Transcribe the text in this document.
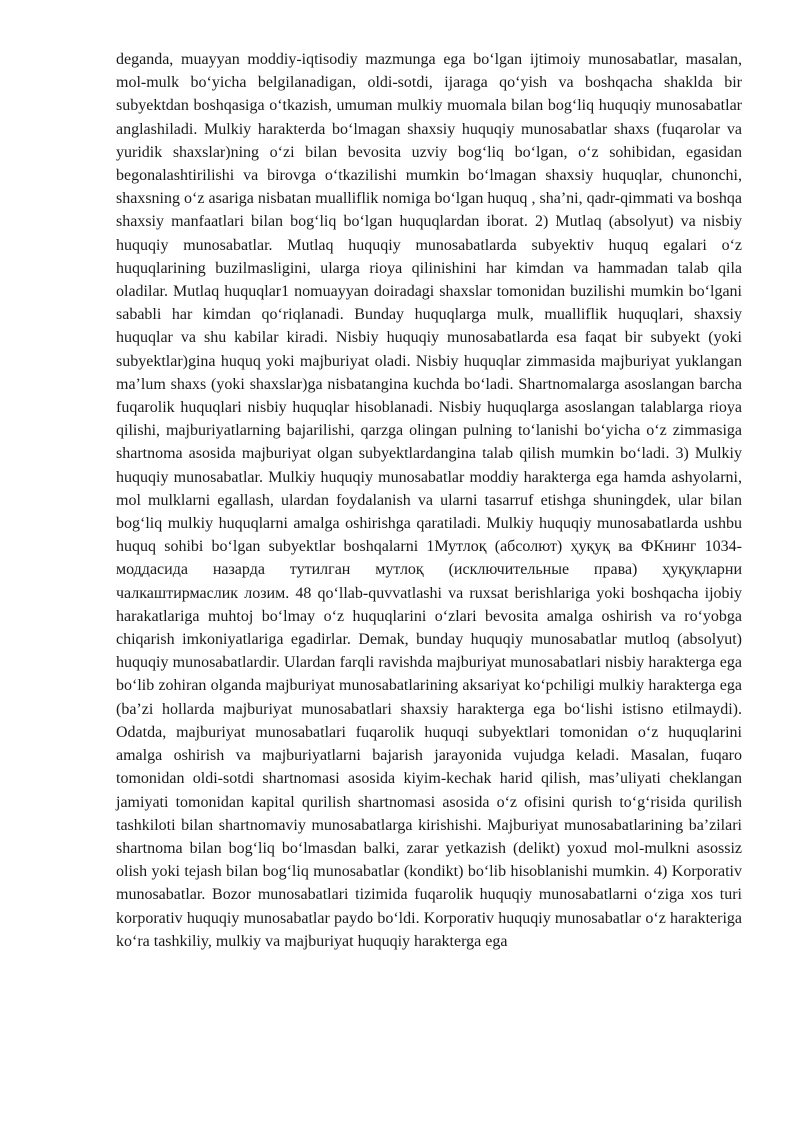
deganda, muayyan moddiy-iqtisodiy mazmunga ega bo‘lgan ijtimoiy munosabatlar, masalan, mol-mulk bo‘yicha belgilanadigan, oldi-sotdi, ijaraga qo‘yish va boshqacha shaklda bir subyektdan boshqasiga o‘tkazish, umuman mulkiy muomala bilan bog‘liq huquqiy munosabatlar anglashiladi. Mulkiy harakterda bo‘lmagan shaxsiy huquqiy munosabatlar shaxs (fuqarolar va yuridik shaxslar)ning o‘zi bilan bevosita uzviy bog‘liq bo‘lgan, o‘z sohibidan, egasidan begonalashtirilishi va birovga o‘tkazilishi mumkin bo‘lmagan shaxsiy huquqlar, chunonchi, shaxsning o‘z asariga nisbatan mualliflik nomiga bo‘lgan huquq , sha’ni, qadr-qimmati va boshqa shaxsiy manfaatlari bilan bog‘liq bo‘lgan huquqlardan iborat. 2) Mutlaq (absolyut) va nisbiy huquqiy munosabatlar. Mutlaq huquqiy munosabatlarda subyektiv huquq egalari o‘z huquqlarining buzilmasligini, ularga rioya qilinishini har kimdan va hammadan talab qila oladilar. Mutlaq huquqlar1 nomuayyan doiradagi shaxslar tomonidan buzilishi mumkin bo‘lgani sababli har kimdan qo‘riqlanadi. Bunday huquqlarga mulk, mualliflik huquqlari, shaxsiy huquqlar va shu kabilar kiradi. Nisbiy huquqiy munosabatlarda esa faqat bir subyekt (yoki subyektlar)gina huquq yoki majburiyat oladi. Nisbiy huquqlar zimmasida majburiyat yuklangan ma’lum shaxs (yoki shaxslar)ga nisbatangina kuchda bo‘ladi. Shartnomalarga asoslangan barcha fuqarolik huquqlari nisbiy huquqlar hisoblanadi. Nisbiy huquqlarga asoslangan talablarga rioya qilishi, majburiyatlarning bajarilishi, qarzga olingan pulning to‘lanishi bo‘yicha o‘z zimmasiga shartnoma asosida majburiyat olgan subyektlardangina talab qilish mumkin bo‘ladi. 3) Mulkiy huquqiy munosabatlar. Mulkiy huquqiy munosabatlar moddiy harakterga ega hamda ashyolarni, mol mulklarni egallash, ulardan foydalanish va ularni tasarruf etishga shuningdek, ular bilan bog‘liq mulkiy huquqlarni amalga oshirishga qaratiladi. Mulkiy huquqiy munosabatlarda ushbu huquq sohibi bo‘lgan subyektlar boshqalarni 1Мутлоқ (абсолют) ҳуқуқ ва ФКнинг 1034-моддасида назарда тутилган мутлоқ (исключительные права) ҳуқуқларни чалкаштирмаслик лозим. 48 qo‘llab-quvvatlashi va ruxsat berishlariga yoki boshqacha ijobiy harakatlariga muhtoj bo‘lmay o‘z huquqlarini o‘zlari bevosita amalga oshirish va ro‘yobga chiqarish imkoniyatlariga egadirlar. Demak, bunday huquqiy munosabatlar mutloq (absolyut) huquqiy munosabatlardir. Ulardan farqli ravishda majburiyat munosabatlari nisbiy harakterga ega bo‘lib zohiran olganda majburiyat munosabatlarining aksariyat ko‘pchiligi mulkiy harakterga ega (ba’zi hollarda majburiyat munosabatlari shaxsiy harakterga ega bo‘lishi istisno etilmaydi). Odatda, majburiyat munosabatlari fuqarolik huquqi subyektlari tomonidan o‘z huquqlarini amalga oshirish va majburiyatlarni bajarish jarayonida vujudga keladi. Masalan, fuqaro tomonidan oldi-sotdi shartnomasi asosida kiyim-kechak harid qilish, mas’uliyati cheklangan jamiyati tomonidan kapital qurilish shartnomasi asosida o‘z ofisini qurish to‘g‘risida qurilish tashkiloti bilan shartnomaviy munosabatlarga kirishishi. Majburiyat munosabatlarining ba’zilari shartnoma bilan bog‘liq bo‘lmasdan balki, zarar yetkazish (delikt) yoxud mol-mulkni asossiz olish yoki tejash bilan bog‘liq munosabatlar (kondikt) bo‘lib hisoblanishi mumkin. 4) Korporativ munosabatlar. Bozor munosabatlari tizimida fuqarolik huquqiy munosabatlarni o‘ziga xos turi korporativ huquqiy munosabatlar paydo bo‘ldi. Korporativ huquqiy munosabatlar o‘z harakteriga ko‘ra tashkiliy, mulkiy va majburiyat huquqiy harakterga ega
